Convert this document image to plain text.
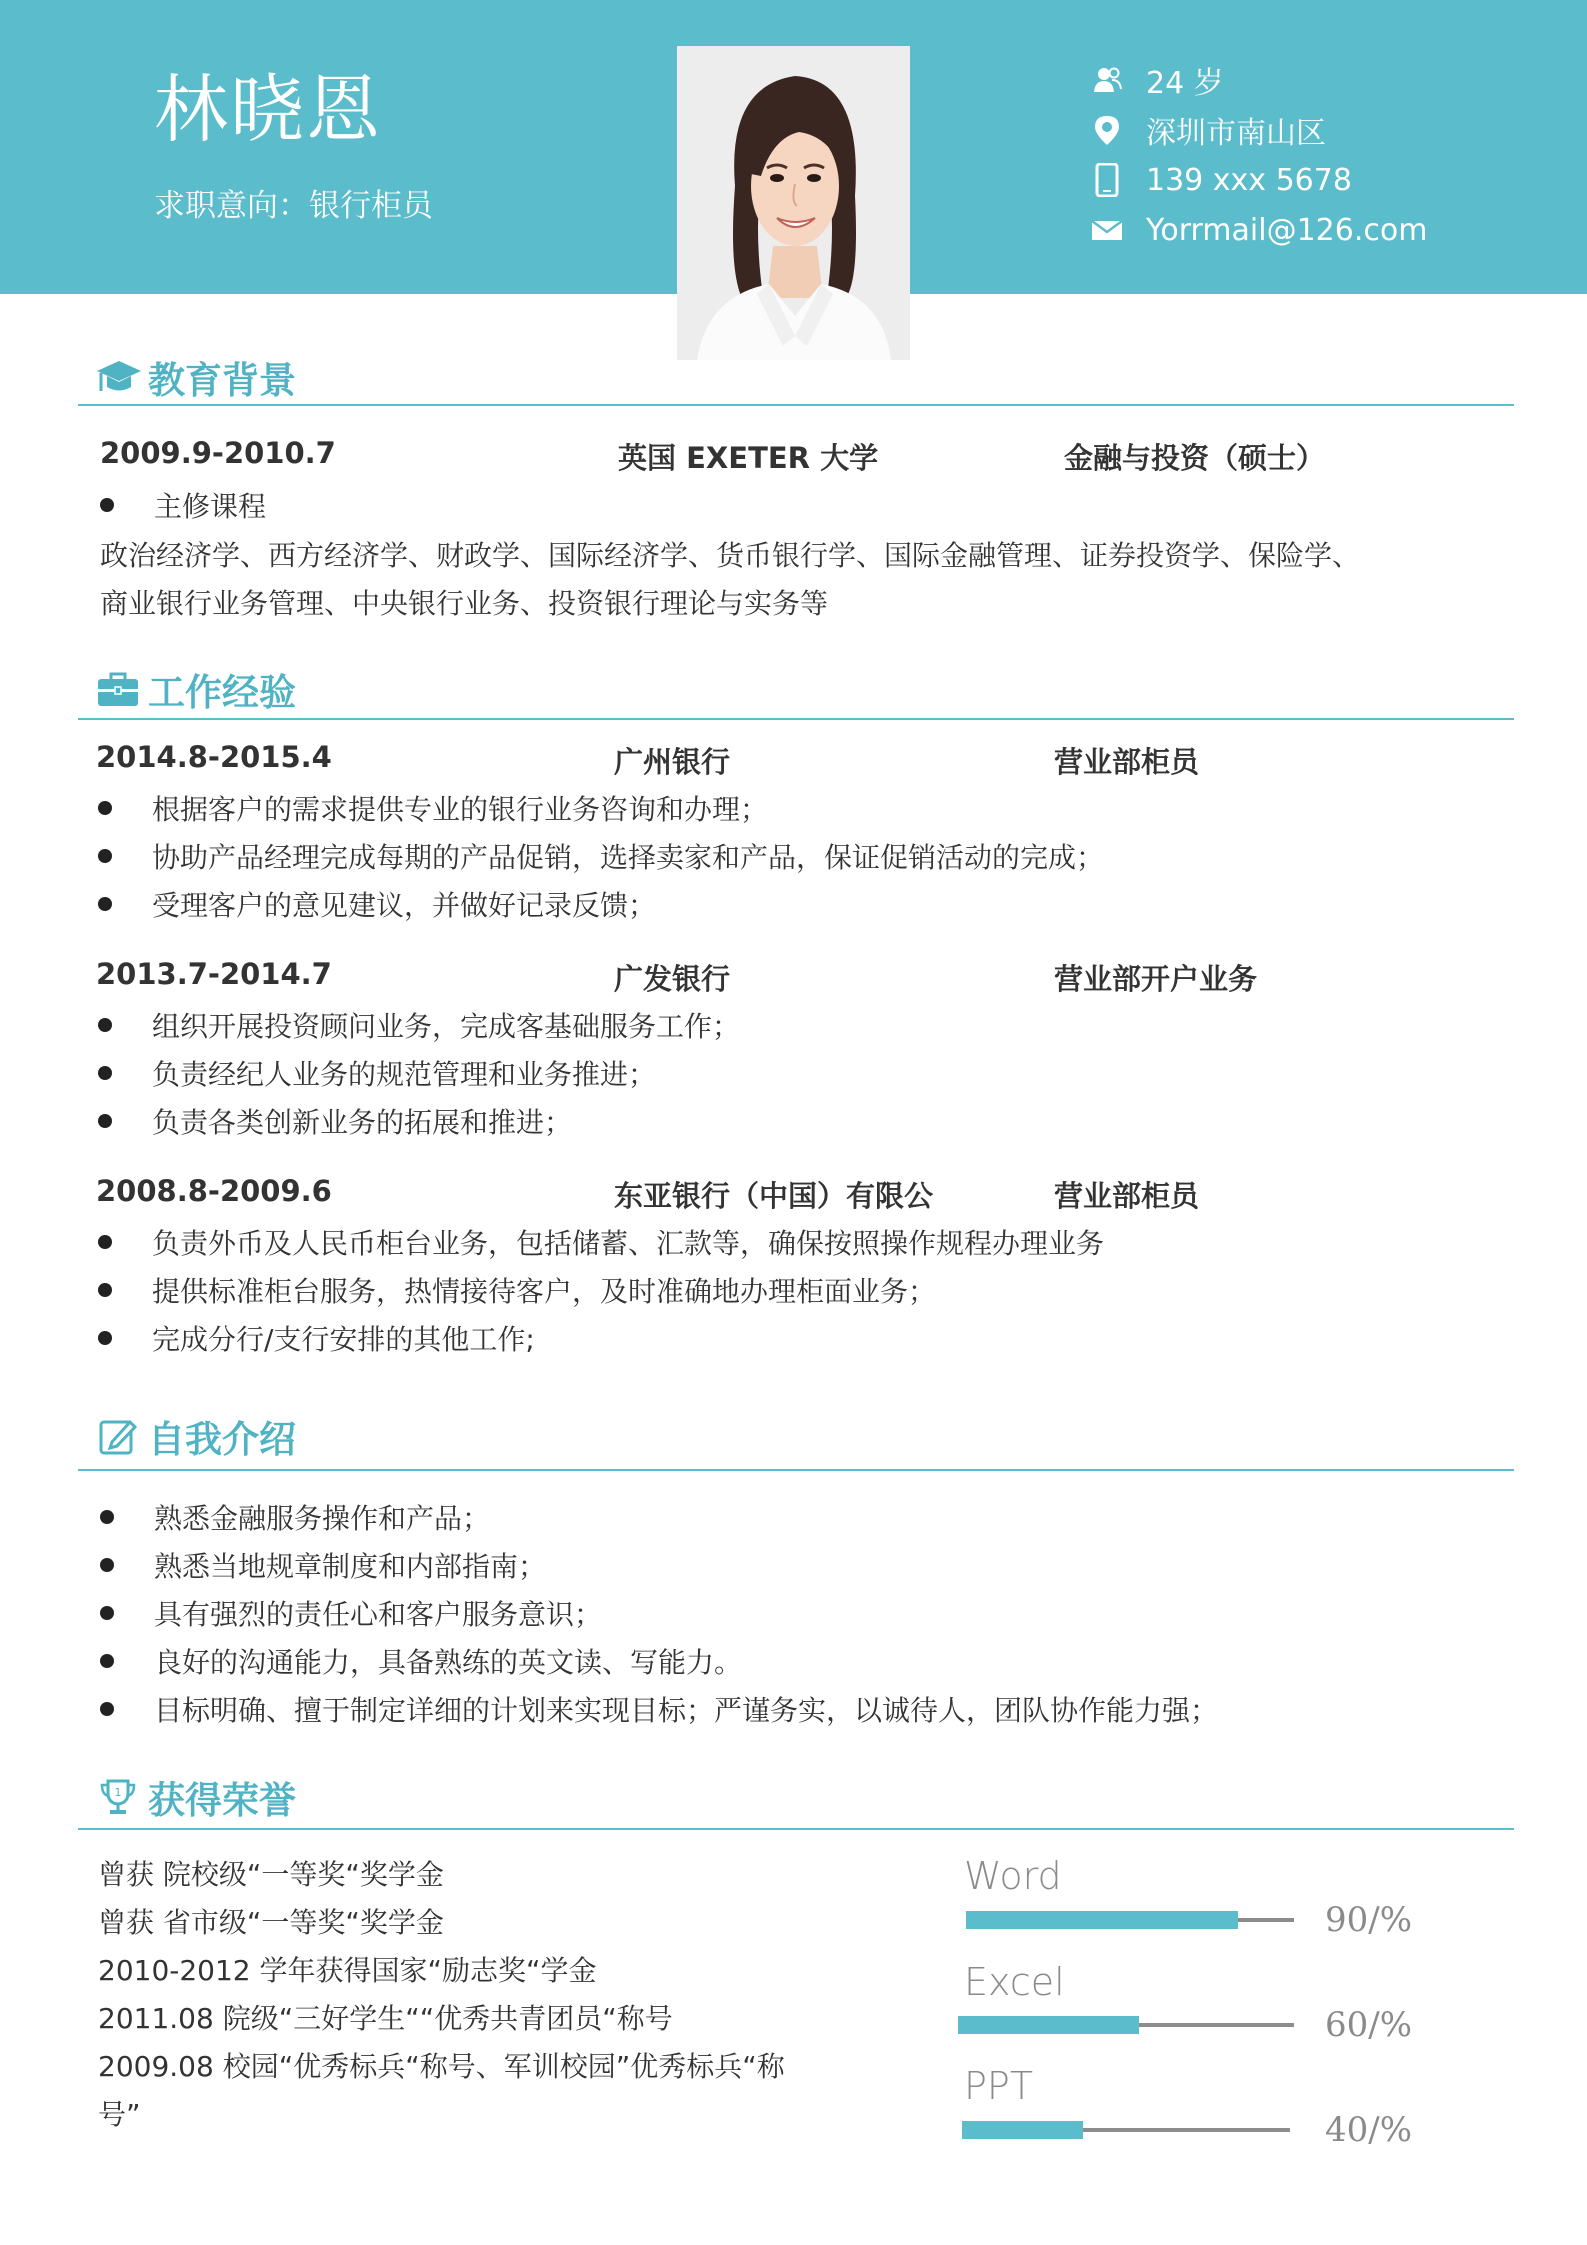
林晓恩
求职意向：银行柜员
24 岁
深圳市南山区
139 xxx 5678
Yorrmail@126.com
教育背景
2009.9-2010.7	英国 EXETER 大学	金融与投资（硕士）
主修课程
政治经济学、西方经济学、财政学、国际经济学、货币银行学、国际金融管理、证券投资学、保险学、
商业银行业务管理、中央银行业务、投资银行理论与实务等
工作经验
2014.8-2015.4	广州银行	营业部柜员
根据客户的需求提供专业的银行业务咨询和办理；
协助产品经理完成每期的产品促销，选择卖家和产品，保证促销活动的完成；
受理客户的意见建议，并做好记录反馈；
2013.7-2014.7	广发银行	营业部开户业务
组织开展投资顾问业务，完成客基础服务工作；
负责经纪人业务的规范管理和业务推进；
负责各类创新业务的拓展和推进；
2008.8-2009.6	东亚银行（中国）有限公	营业部柜员
负责外币及人民币柜台业务，包括储蓄、汇款等，确保按照操作规程办理业务
提供标准柜台服务，热情接待客户，及时准确地办理柜面业务；
完成分行/支行安排的其他工作;
自我介绍
熟悉金融服务操作和产品；
熟悉当地规章制度和内部指南；
具有强烈的责任心和客户服务意识；
良好的沟通能力，具备熟练的英文读、写能力。
目标明确、擅于制定详细的计划来实现目标；严谨务实，以诚待人，团队协作能力强；
1 获得荣誉
曾获 院校级“一等奖“奖学金
曾获 省市级“一等奖“奖学金
2010-2012 学年获得国家“励志奖“学金
2011.08 院级“三好学生““优秀共青团员“称号
2009.08 校园“优秀标兵“称号、军训校园”优秀标兵“称
号”
Word
90/%
Excel
60/%
PPT
40/%
